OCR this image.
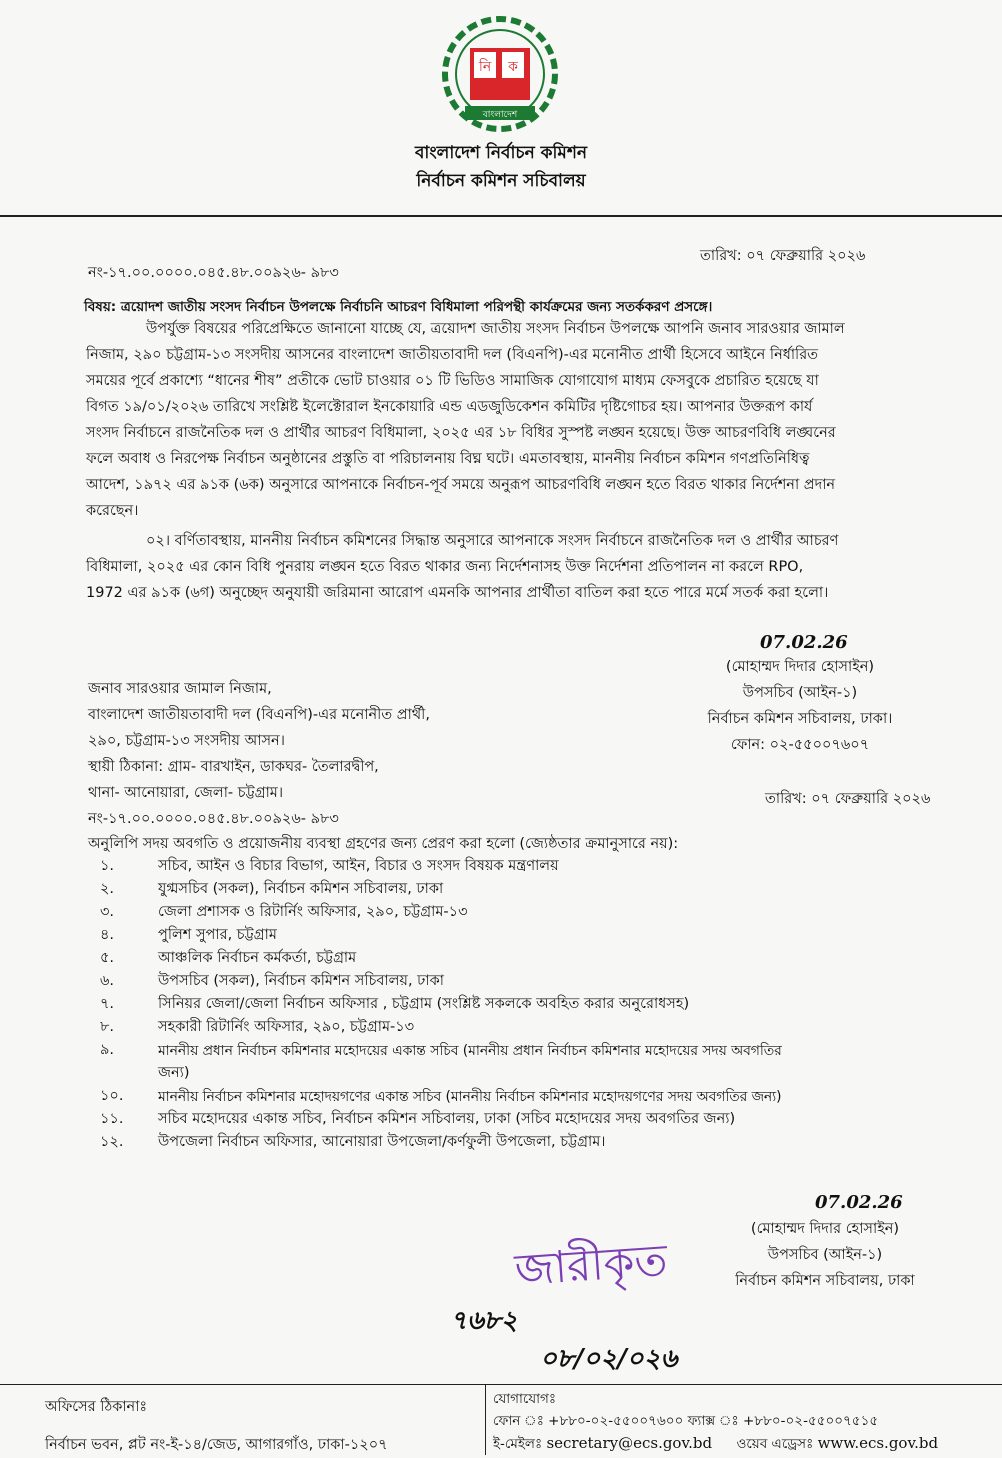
নি ক
বাংলাদেশ
বাংলাদেশ নির্বাচন কমিশন
নির্বাচন কমিশন সচিবালয়
তারিখ: ০৭ ফেব্রুয়ারি ২০২৬
নং-১৭.০০.০০০০.০৪৫.৪৮.০০৯২৬- ৯৮৩
বিষয়: ত্রয়োদশ জাতীয় সংসদ নির্বাচন উপলক্ষে নির্বাচনি আচরণ বিধিমালা পরিপন্থী কার্যক্রমের জন্য সতর্ককরণ প্রসঙ্গে।
উপর্যুক্ত বিষয়ের পরিপ্রেক্ষিতে জানানো যাচ্ছে যে, ত্রয়োদশ জাতীয় সংসদ নির্বাচন উপলক্ষে আপনি জনাব সারওয়ার জামাল
নিজাম, ২৯০ চট্টগ্রাম-১৩ সংসদীয় আসনের বাংলাদেশ জাতীয়তাবাদী দল (বিএনপি)-এর মনোনীত প্রার্থী হিসেবে আইনে নির্ধারিত
সময়ের পূর্বে প্রকাশ্যে “ধানের শীষ” প্রতীকে ভোট চাওয়ার ০১ টি ভিডিও সামাজিক যোগাযোগ মাধ্যম ফেসবুকে প্রচারিত হয়েছে যা
বিগত ১৯/০১/২০২৬ তারিখে সংশ্লিষ্ট ইলেক্টোরাল ইনকোয়ারি এন্ড এডজুডিকেশন কমিটির দৃষ্টিগোচর হয়। আপনার উক্তরূপ কার্য
সংসদ নির্বাচনে রাজনৈতিক দল ও প্রার্থীর আচরণ বিধিমালা, ২০২৫ এর ১৮ বিধির সুস্পষ্ট লঙ্ঘন হয়েছে। উক্ত আচরণবিধি লঙ্ঘনের
ফলে অবাধ ও নিরপেক্ষ নির্বাচন অনুষ্ঠানের প্রস্তুতি বা পরিচালনায় বিঘ্ন ঘটে। এমতাবস্থায়, মাননীয় নির্বাচন কমিশন গণপ্রতিনিধিত্ব
আদেশ, ১৯৭২ এর ৯১ক (৬ক) অনুসারে আপনাকে নির্বাচন-পূর্ব সময়ে অনুরূপ আচরণবিধি লঙ্ঘন হতে বিরত থাকার নির্দেশনা প্রদান
করেছেন।
০২। বর্ণিতাবস্থায়, মাননীয় নির্বাচন কমিশনের সিদ্ধান্ত অনুসারে আপনাকে সংসদ নির্বাচনে রাজনৈতিক দল ও প্রার্থীর আচরণ
বিধিমালা, ২০২৫ এর কোন বিধি পুনরায় লঙ্ঘন হতে বিরত থাকার জন্য নির্দেশনাসহ উক্ত নির্দেশনা প্রতিপালন না করলে RPO,
1972 এর ৯১ক (৬গ) অনুচ্ছেদ অনুযায়ী জরিমানা আরোপ এমনকি আপনার প্রার্থীতা বাতিল করা হতে পারে মর্মে সতর্ক করা হলো।
07.02.26
(মোহাম্মদ দিদার হোসাইন)
উপসচিব (আইন-১)
নির্বাচন কমিশন সচিবালয়, ঢাকা।
ফোন: ০২-৫৫০০৭৬০৭
জনাব সারওয়ার জামাল নিজাম,
বাংলাদেশ জাতীয়তাবাদী দল (বিএনপি)-এর মনোনীত প্রার্থী,
২৯০, চট্টগ্রাম-১৩ সংসদীয় আসন।
স্থায়ী ঠিকানা: গ্রাম- বারখাইন, ডাকঘর- তৈলারদ্বীপ,
থানা- আনোয়ারা, জেলা- চট্টগ্রাম।
নং-১৭.০০.০০০০.০৪৫.৪৮.০০৯২৬- ৯৮৩
তারিখ: ০৭ ফেব্রুয়ারি ২০২৬
অনুলিপি সদয় অবগতি ও প্রয়োজনীয় ব্যবস্থা গ্রহণের জন্য প্রেরণ করা হলো (জ্যেষ্ঠতার ক্রমানুসারে নয়):
১.	সচিব, আইন ও বিচার বিভাগ, আইন, বিচার ও সংসদ বিষয়ক মন্ত্রণালয়
২.	যুগ্মসচিব (সকল), নির্বাচন কমিশন সচিবালয়, ঢাকা
৩.	জেলা প্রশাসক ও রিটার্নিং অফিসার, ২৯০, চট্টগ্রাম-১৩
৪.	পুলিশ সুপার, চট্টগ্রাম
৫.	আঞ্চলিক নির্বাচন কর্মকর্তা, চট্টগ্রাম
৬.	উপসচিব (সকল), নির্বাচন কমিশন সচিবালয়, ঢাকা
৭.	সিনিয়র জেলা/জেলা নির্বাচন অফিসার , চট্টগ্রাম (সংশ্লিষ্ট সকলকে অবহিত করার অনুরোধসহ)
৮.	সহকারী রিটার্নিং অফিসার, ২৯০, চট্টগ্রাম-১৩
৯.	মাননীয় প্রধান নির্বাচন কমিশনার মহোদয়ের একান্ত সচিব (মাননীয় প্রধান নির্বাচন কমিশনার মহোদয়ের সদয় অবগতির
জন্য)
১০.	মাননীয় নির্বাচন কমিশনার মহোদয়গণের একান্ত সচিব (মাননীয় নির্বাচন কমিশনার মহোদয়গণের সদয় অবগতির জন্য)
১১.	সচিব মহোদয়ের একান্ত সচিব, নির্বাচন কমিশন সচিবালয়, ঢাকা (সচিব মহোদয়ের সদয় অবগতির জন্য)
১২.	উপজেলা নির্বাচন অফিসার, আনোয়ারা উপজেলা/কর্ণফুলী উপজেলা, চট্টগ্রাম।
07.02.26
(মোহাম্মদ দিদার হোসাইন)
উপসচিব (আইন-১)
নির্বাচন কমিশন সচিবালয়, ঢাকা
জারীকৃত
৭৬৮২
০৮/০২/০২৬
অফিসের ঠিকানাঃ
নির্বাচন ভবন, প্লট নং-ই-১৪/জেড, আগারগাঁও, ঢাকা-১২০৭
যোগাযোগঃ
ফোন ঃ +৮৮০-০২-৫৫০০৭৬০০ ফ্যাক্স ঃ +৮৮০-০২-৫৫০০৭৫১৫
ই-মেইলঃ secretary@ecs.gov.bd ওয়েব এড্রেসঃ www.ecs.gov.bd
